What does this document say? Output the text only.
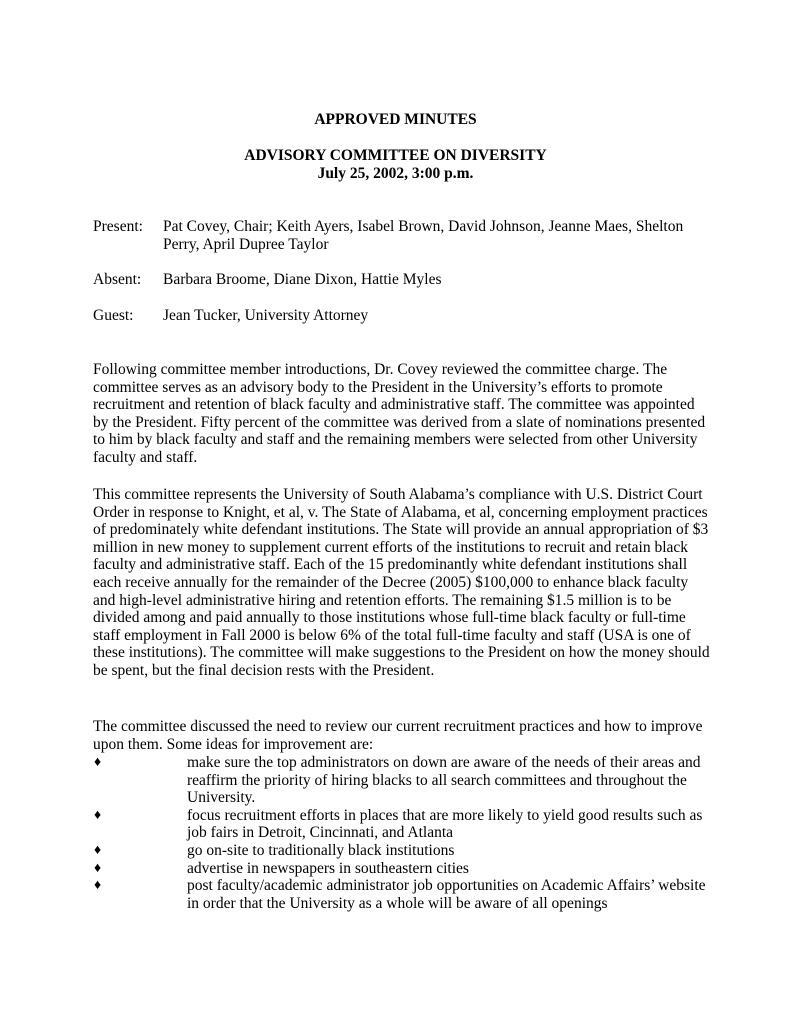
APPROVED MINUTES

ADVISORY COMMITTEE ON DIVERSITY

July 25, 2002, 3:00 p.m.

Present: Pat Covey, Chair; Keith Ayers, Isabel Brown, David Johnson, Jeanne Maes, Shelton Perry, April Dupree Taylor

Absent: Barbara Broome, Diane Dixon, Hattie Myles

Guest: Jean Tucker, University Attorney

Following committee member introductions, Dr. Covey reviewed the committee charge. The committee serves as an advisory body to the President in the University’s efforts to promote recruitment and retention of black faculty and administrative staff. The committee was appointed by the President. Fifty percent of the committee was derived from a slate of nominations presented to him by black faculty and staff and the remaining members were selected from other University faculty and staff.

This committee represents the University of South Alabama’s compliance with U.S. District Court Order in response to Knight, et al, v. The State of Alabama, et al, concerning employment practices of predominately white defendant institutions. The State will provide an annual appropriation of $3 million in new money to supplement current efforts of the institutions to recruit and retain black faculty and administrative staff. Each of the 15 predominantly white defendant institutions shall each receive annually for the remainder of the Decree (2005) $100,000 to enhance black faculty and high-level administrative hiring and retention efforts. The remaining $1.5 million is to be divided among and paid annually to those institutions whose full-time black faculty or full-time staff employment in Fall 2000 is below 6% of the total full-time faculty and staff (USA is one of these institutions). The committee will make suggestions to the President on how the money should be spent, but the final decision rests with the President.

The committee discussed the need to review our current recruitment practices and how to improve upon them. Some ideas for improvement are:

♦	make sure the top administrators on down are aware of the needs of their areas and reaffirm the priority of hiring blacks to all search committees and throughout the University.
♦	focus recruitment efforts in places that are more likely to yield good results such as job fairs in Detroit, Cincinnati, and Atlanta
♦	go on-site to traditionally black institutions
♦	advertise in newspapers in southeastern cities
♦	post faculty/academic administrator job opportunities on Academic Affairs’ website in order that the University as a whole will be aware of all openings
